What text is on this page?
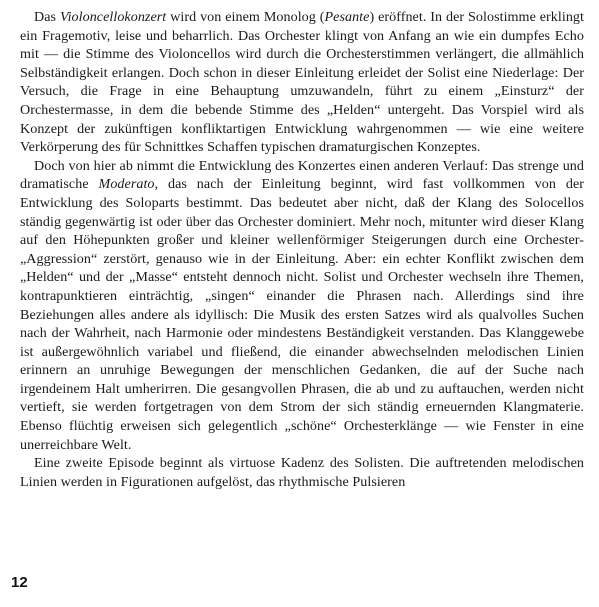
Das Violoncellokonzert wird von einem Monolog (Pesante) eröffnet. In der Solostimme erklingt ein Fragemotiv, leise und beharrlich. Das Orchester klingt von Anfang an wie ein dumpfes Echo mit — die Stimme des Violoncellos wird durch die Orchesterstimmen verlängert, die allmählich Selbständigkeit erlangen. Doch schon in dieser Einleitung erleidet der Solist eine Niederlage: Der Versuch, die Frage in eine Behauptung umzuwandeln, führt zu einem „Einsturz“ der Orchestermasse, in dem die bebende Stimme des „Helden“ untergeht. Das Vorspiel wird als Konzept der zukünftigen konfliktartigen Entwicklung wahrgenommen — wie eine weitere Verkörperung des für Schnittkes Schaffen typischen dramaturgischen Konzeptes.

Doch von hier ab nimmt die Entwicklung des Konzertes einen anderen Verlauf: Das strenge und dramatische Moderato, das nach der Einleitung beginnt, wird fast vollkommen von der Entwicklung des Soloparts bestimmt. Das bedeutet aber nicht, daß der Klang des Solocellos ständig gegenwärtig ist oder über das Orchester dominiert. Mehr noch, mitunter wird dieser Klang auf den Höhepunkten großer und kleiner wellenförmiger Steigerungen durch eine Orchester-„Aggression“ zerstört, genauso wie in der Einleitung. Aber: ein echter Konflikt zwischen dem „Helden“ und der „Masse“ entsteht dennoch nicht. Solist und Orchester wechseln ihre Themen, kontrapunktieren einträchtig, „singen“ einander die Phrasen nach. Allerdings sind ihre Beziehungen alles andere als idyllisch: Die Musik des ersten Satzes wird als qualvolles Suchen nach der Wahrheit, nach Harmonie oder mindestens Beständigkeit verstanden. Das Klanggewebe ist außergewöhnlich variabel und fließend, die einander abwechselnden melodischen Linien erinnern an unruhige Bewegungen der menschlichen Gedanken, die auf der Suche nach irgendeinem Halt umherirren. Die gesangvollen Phrasen, die ab und zu auftauchen, werden nicht vertieft, sie werden fortgetragen von dem Strom der sich ständig erneuernden Klangmaterie. Ebenso flüchtig erweisen sich gelegentlich „schöne“ Orchesterklänge — wie Fenster in eine unerreichbare Welt.

Eine zweite Episode beginnt als virtuose Kadenz des Solisten. Die auftretenden melodischen Linien werden in Figurationen aufgelöst, das rhythmische Pulsieren

12
